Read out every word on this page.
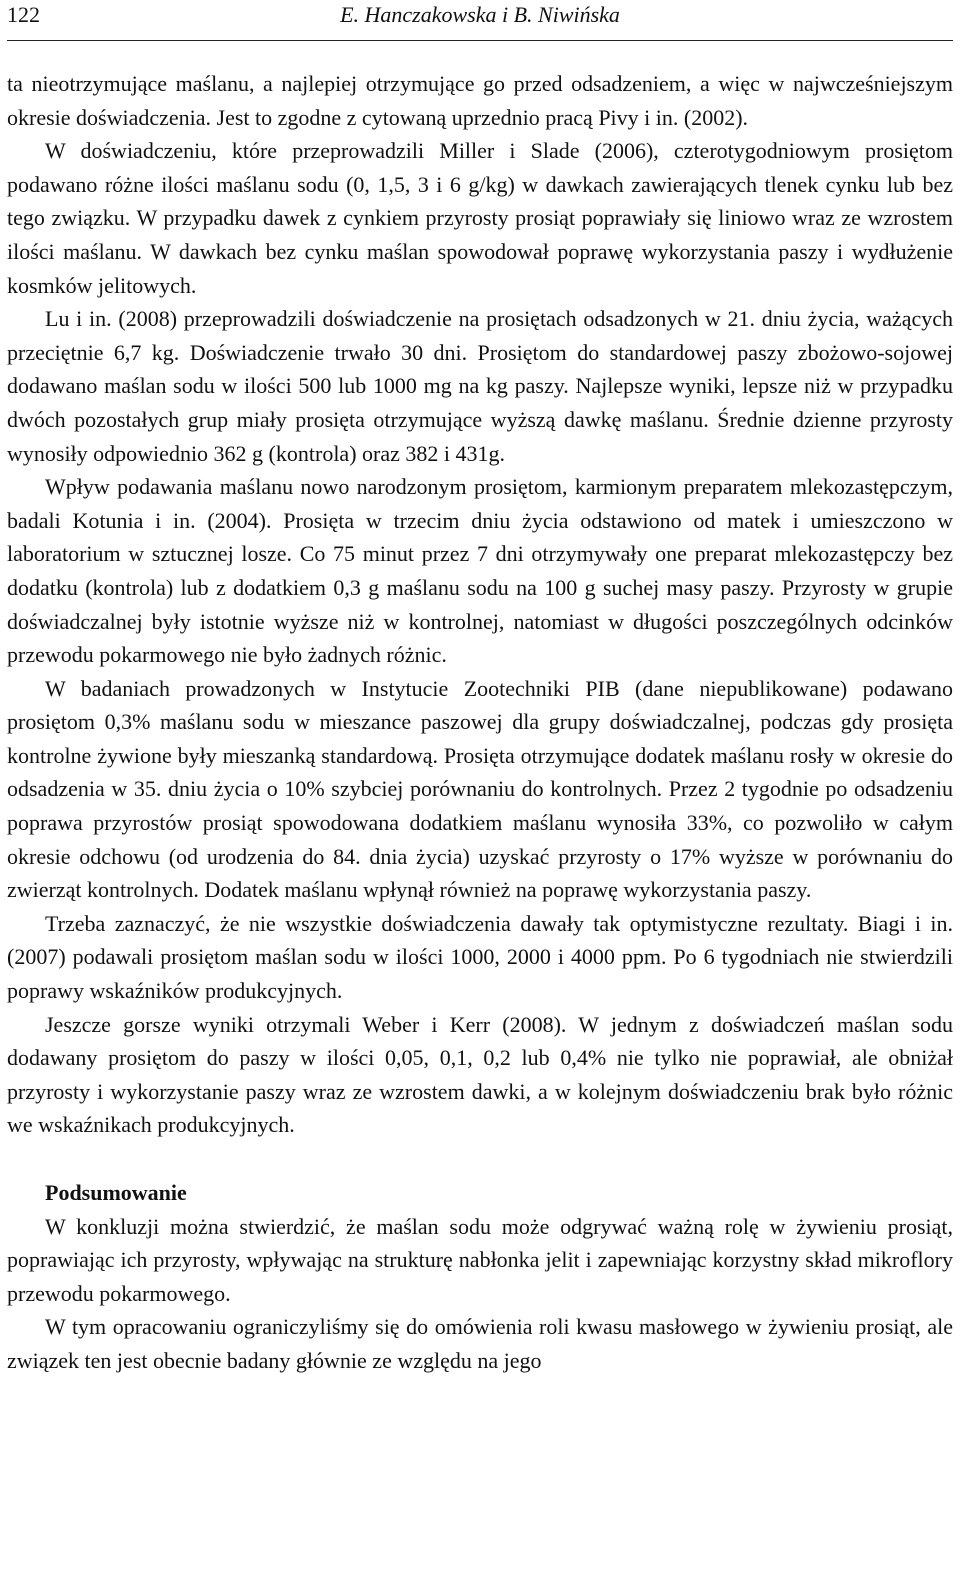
122	E. Hanczakowska i B. Niwińska

ta nieotrzymujące maślanu, a najlepiej otrzymujące go przed odsadzeniem, a więc w najwcześniejszym okresie doświadczenia. Jest to zgodne z cytowaną uprzednio pracą Pivy i in. (2002).

W doświadczeniu, które przeprowadzili Miller i Slade (2006), czterotygodniowym prosiętom podawano różne ilości maślanu sodu (0, 1,5, 3 i 6 g/kg) w dawkach zawierających tlenek cynku lub bez tego związku. W przypadku dawek z cynkiem przyrosty prosiąt poprawiały się liniowo wraz ze wzrostem ilości maślanu. W dawkach bez cynku maślan spowodował poprawę wykorzystania paszy i wydłużenie kosmków jelitowych.

Lu i in. (2008) przeprowadzili doświadczenie na prosiętach odsadzonych w 21. dniu życia, ważących przeciętnie 6,7 kg. Doświadczenie trwało 30 dni. Prosiętom do standardowej paszy zbożowo-sojowej dodawano maślan sodu w ilości 500 lub 1000 mg na kg paszy. Najlepsze wyniki, lepsze niż w przypadku dwóch pozostałych grup miały prosięta otrzymujące wyższą dawkę maślanu. Średnie dzienne przyrosty wynosiły odpowiednio 362 g (kontrola) oraz 382 i 431g.

Wpływ podawania maślanu nowo narodzonym prosiętom, karmionym preparatem mlekozastępczym, badali Kotunia i in. (2004). Prosięta w trzecim dniu życia odstawiono od matek i umieszczono w laboratorium w sztucznej losze. Co 75 minut przez 7 dni otrzymywały one preparat mlekozastępczy bez dodatku (kontrola) lub z dodatkiem 0,3 g maślanu sodu na 100 g suchej masy paszy. Przyrosty w grupie doświadczalnej były istotnie wyższe niż w kontrolnej, natomiast w długości poszczególnych odcinków przewodu pokarmowego nie było żadnych różnic.

W badaniach prowadzonych w Instytucie Zootechniki PIB (dane niepublikowane) podawano prosiętom 0,3% maślanu sodu w mieszance paszowej dla grupy doświadczalnej, podczas gdy prosięta kontrolne żywione były mieszanką standardową. Prosięta otrzymujące dodatek maślanu rosły w okresie do odsadzenia w 35. dniu życia o 10% szybciej porównaniu do kontrolnych. Przez 2 tygodnie po odsadzeniu poprawa przyrostów prosiąt spowodowana dodatkiem maślanu wynosiła 33%, co pozwoliło w całym okresie odchowu (od urodzenia do 84. dnia życia) uzyskać przyrosty o 17% wyższe w porównaniu do zwierząt kontrolnych. Dodatek maślanu wpłynął również na poprawę wykorzystania paszy.

Trzeba zaznaczyć, że nie wszystkie doświadczenia dawały tak optymistyczne rezultaty. Biagi i in. (2007) podawali prosiętom maślan sodu w ilości 1000, 2000 i 4000 ppm. Po 6 tygodniach nie stwierdzili poprawy wskaźników produkcyjnych.

Jeszcze gorsze wyniki otrzymali Weber i Kerr (2008). W jednym z doświadczeń maślan sodu dodawany prosiętom do paszy w ilości 0,05, 0,1, 0,2 lub 0,4% nie tylko nie poprawiał, ale obniżał przyrosty i wykorzystanie paszy wraz ze wzrostem dawki, a w kolejnym doświadczeniu brak było różnic we wskaźnikach produkcyjnych.

Podsumowanie

W konkluzji można stwierdzić, że maślan sodu może odgrywać ważną rolę w żywieniu prosiąt, poprawiając ich przyrosty, wpływając na strukturę nabłonka jelit i zapewniając korzystny skład mikroflory przewodu pokarmowego.

W tym opracowaniu ograniczyliśmy się do omówienia roli kwasu masłowego w żywieniu prosiąt, ale związek ten jest obecnie badany głównie ze względu na jego
